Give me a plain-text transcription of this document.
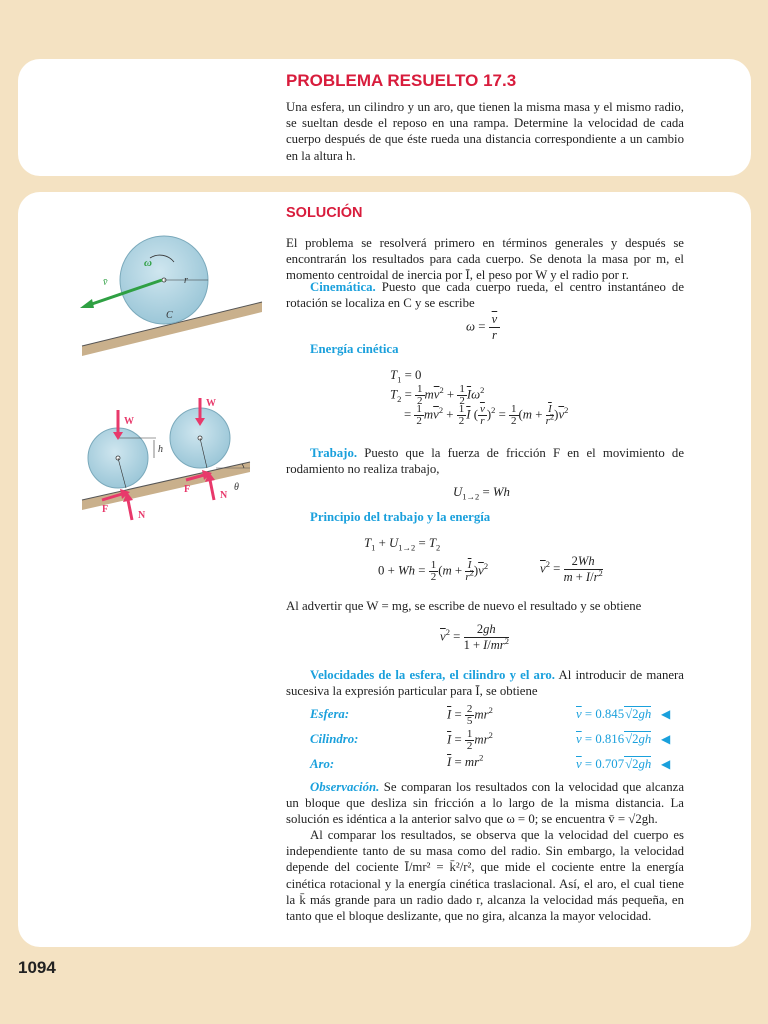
PROBLEMA RESUELTO 17.3

Una esfera, un cilindro y un aro, que tienen la misma masa y el mismo radio, se sueltan desde el reposo en una rampa. Determine la velocidad de cada cuerpo después de que éste rueda una distancia correspondiente a un cambio en la altura h.

SOLUCIÓN

El problema se resolverá primero en términos generales y después se encontrarán los resultados para cada cuerpo. Se denota la masa por m, el momento centroidal de inercia por Ī, el peso por W y el radio por r.

Cinemática. Puesto que cada cuerpo rueda, el centro instantáneo de rotación se localiza en C y se escribe

$\omega = \frac{\overline{v}}{r}$

Energía cinética

$T_1 = 0$
$T_2 = \frac{1}{2} m\overline{v}^2 + \frac{1}{2} \overline{I}\omega^2$
= $\frac{1}{2} m\overline{v}^2 + \frac{1}{2} \overline{I}$ ( $\frac{\overline{v}}{r} )^2 = \frac{1}{2} (m + \frac{\overline{I}}{r^2} )\overline{v}^2$

Trabajo. Puesto que la fuerza de fricción F en el movimiento de rodamiento no realiza trabajo,

$U_{1\to 2} = Wh$

Principio del trabajo y la energía

$T_1 + U_{1\to 2} = T_2$
$0 + Wh = \frac{1}{2} (m + \frac{\overline{I}}{r^2} )\overline{v}^2$	$\overline{v}^2 = \frac{2Wh}{m + \overline{I}/r^2}$

Al advertir que W = mg, se escribe de nuevo el resultado y se obtiene

$\overline{v}^2 = \frac{2gh}{1 + \overline{I}/mr^2}$

Velocidades de la esfera, el cilindro y el aro. Al introducir de manera sucesiva la expresión particular para Ī, se obtiene

Esfera:	$\overline{I} = \frac{2}{5} mr^2$	$\overline{v} = 0.845√2gh$ ◀
Cilindro:	$\overline{I} = \frac{1}{2} mr^2$	$\overline{v} = 0.816√2gh$ ◀
Aro:	$\overline{I} = mr^2$	$\overline{v} = 0.707√2gh$ ◀

Observación. Se comparan los resultados con la velocidad que alcanza un bloque que desliza sin fricción a lo largo de la misma distancia. La solución es idéntica a la anterior salvo que ω = 0; se encuentra v̄ = √2gh.

Al comparar los resultados, se observa que la velocidad del cuerpo es independiente tanto de su masa como del radio. Sin embargo, la velocidad depende del cociente Ī/mr² = k̄²/r², que mide el cociente entre la energía cinética rotacional y la energía cinética traslacional. Así, el aro, el cual tiene la k̄ más grande para un radio dado r, alcanza la velocidad más pequeña, en tanto que el bloque deslizante, que no gira, alcanza la mayor velocidad.

1094

ω
r
v̄
C
h
W
W
F
N
F
N
θ
